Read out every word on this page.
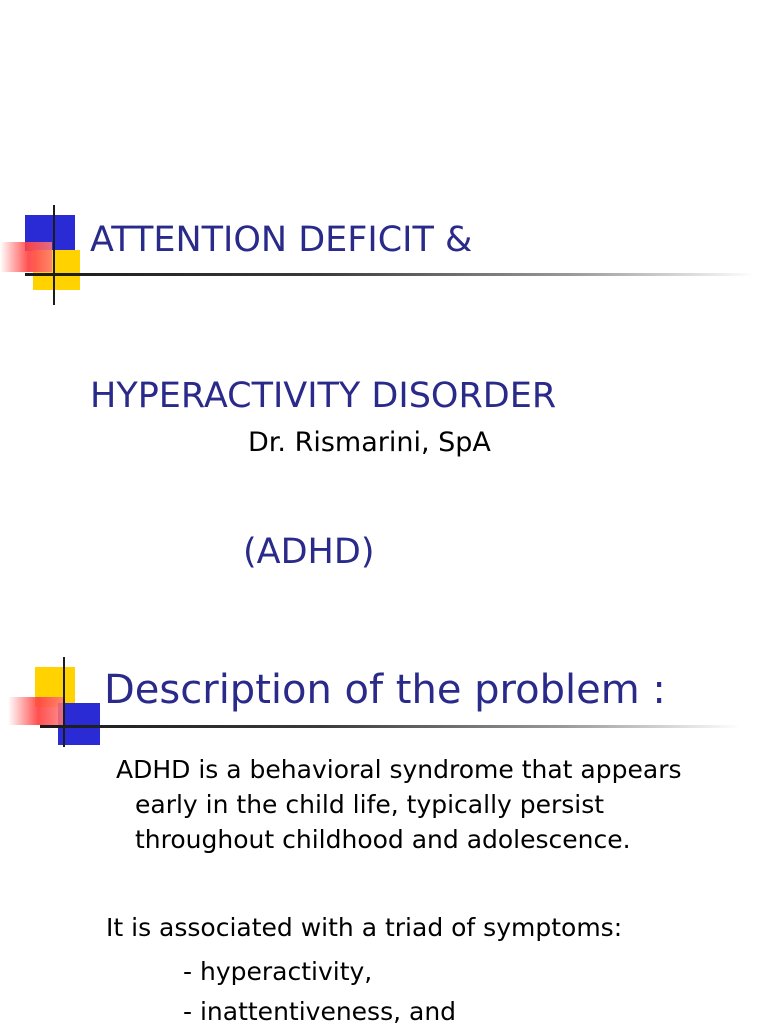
ATTENTION DEFICIT &

HYPERACTIVITY DISORDER

(ADHD)

Dr. Rismarini, SpA
Description of the problem :
ADHD is a behavioral syndrome that appears
early in the child life, typically persist
throughout childhood and adolescence.
It is associated with a triad of symptoms:
- hyperactivity,
- inattentiveness, and
